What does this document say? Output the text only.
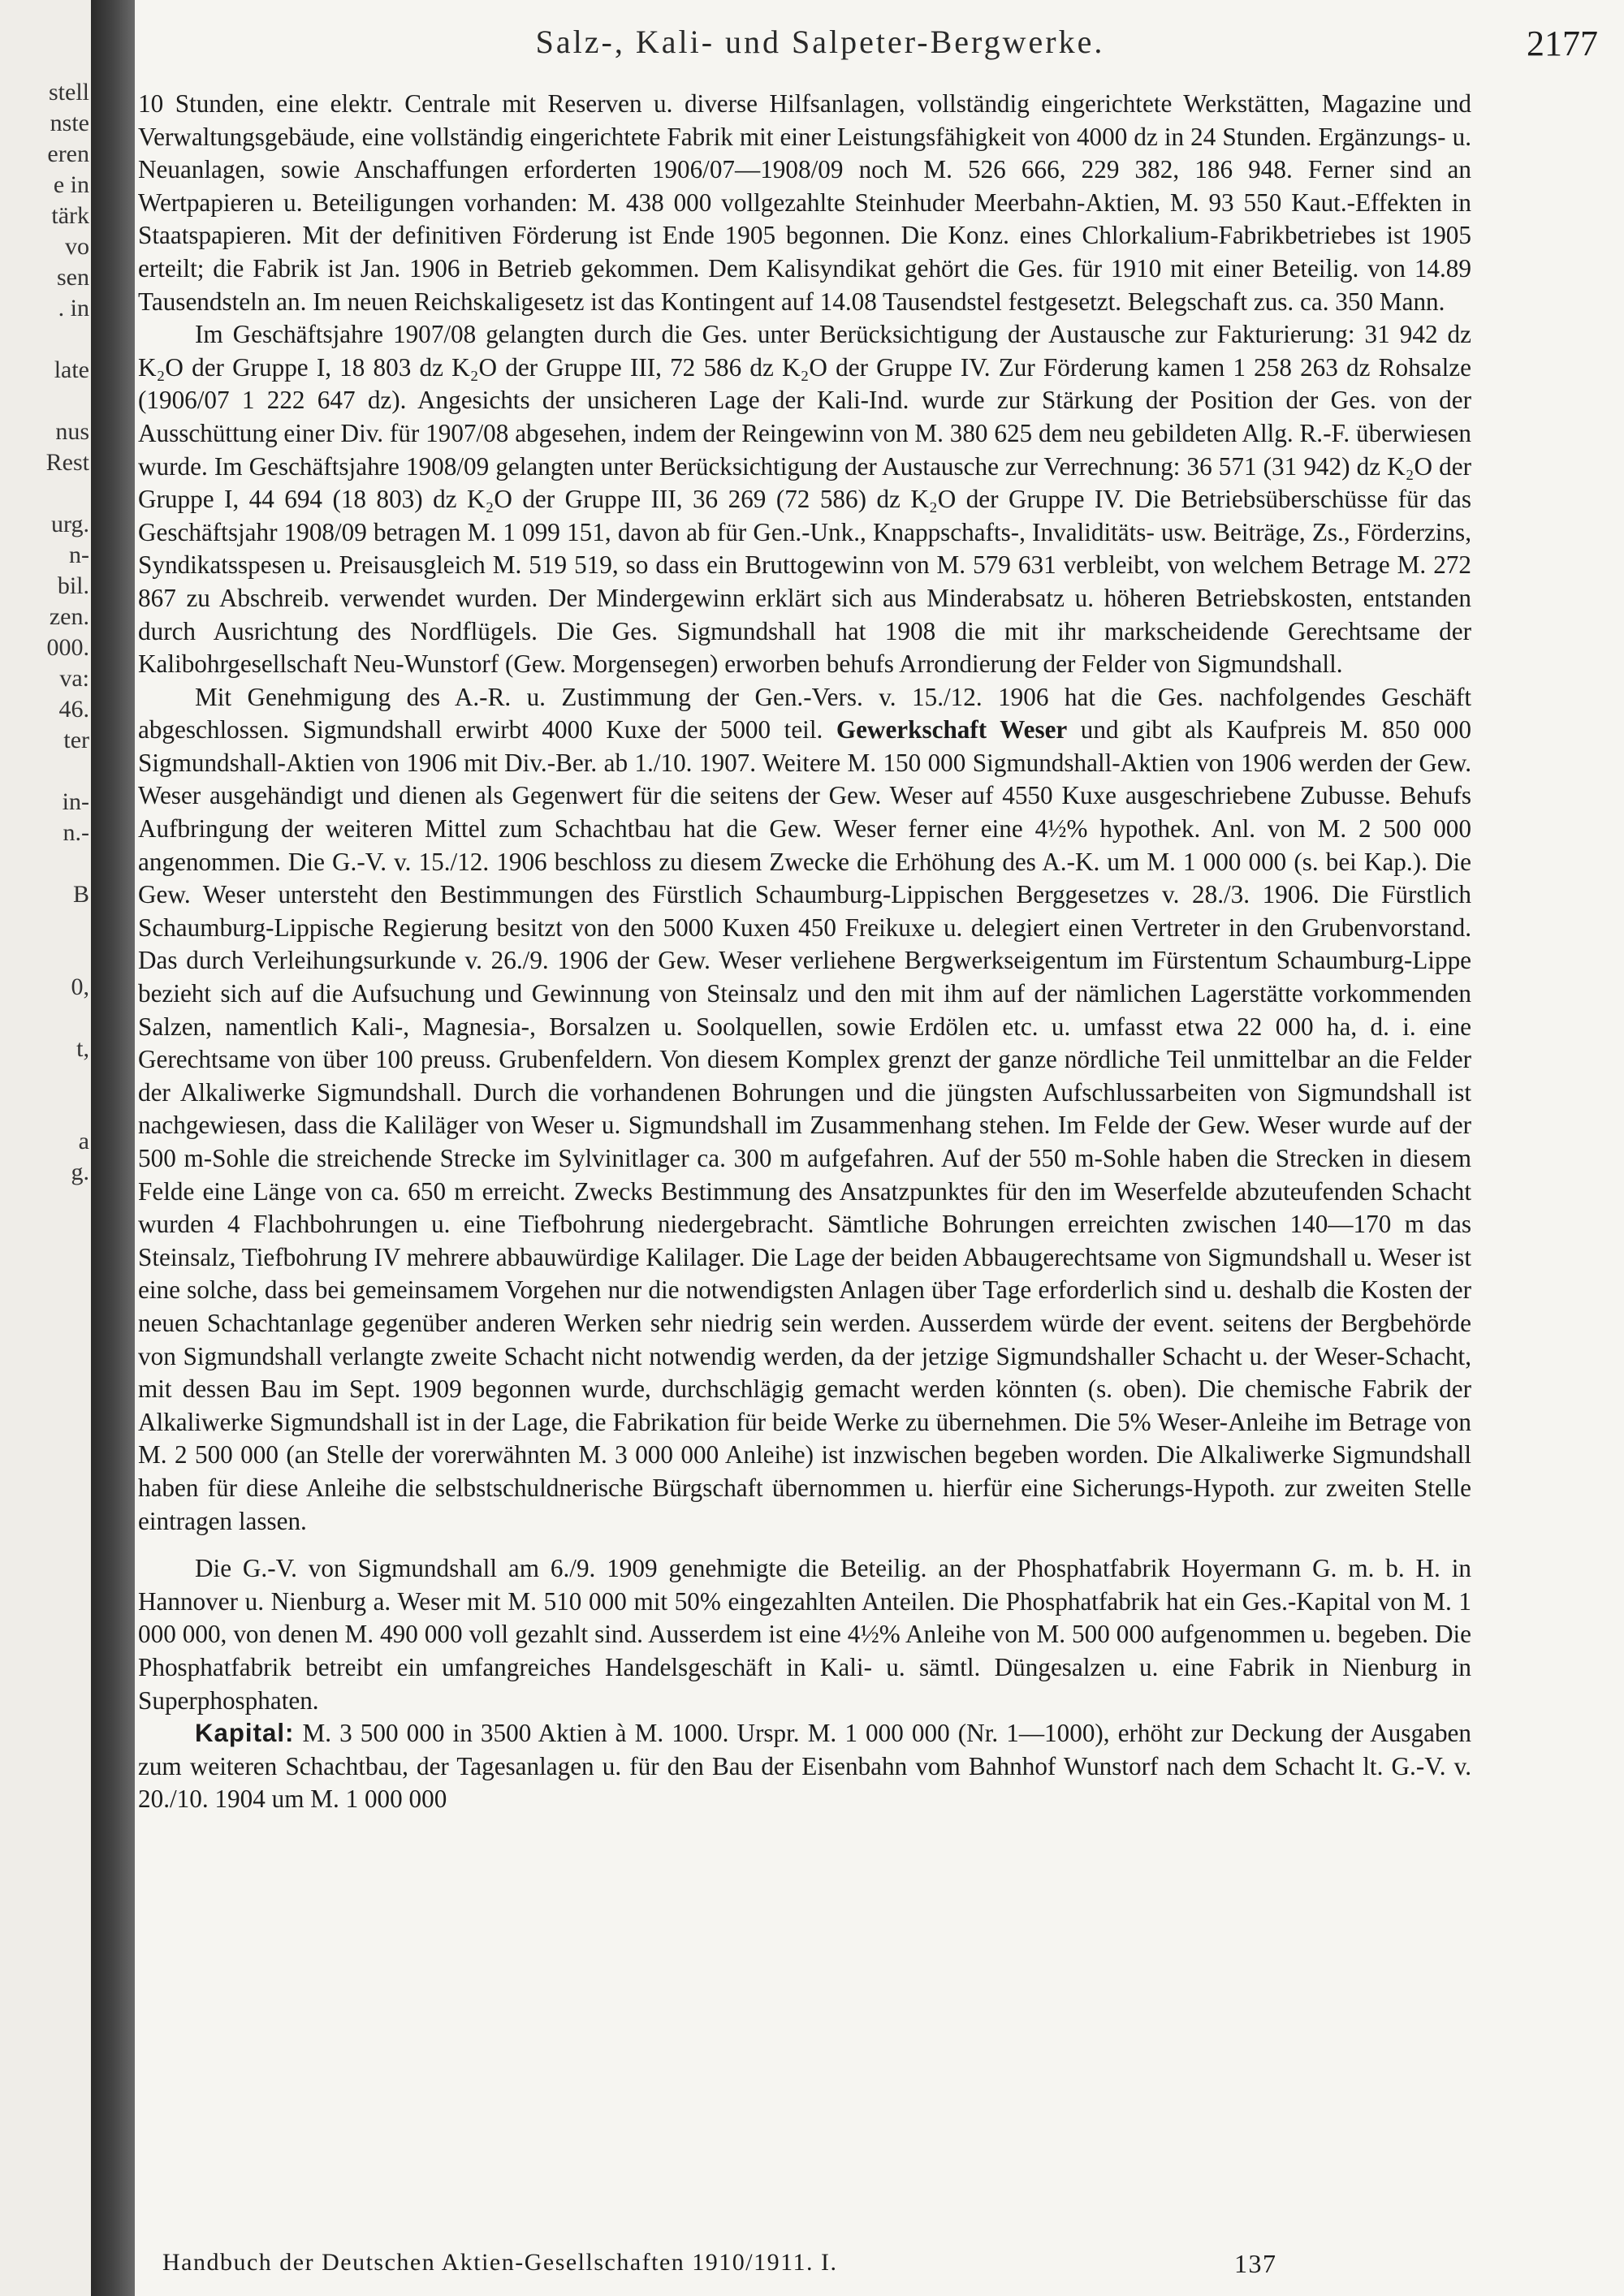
stell
nste
eren
e in
tärk
vo
sen
. in
late
nus
Rest
urg.
n-
bil.
zen.
000.
va:
46.
ter
in-
n.-
B
0,
t,
a
g.
Salz-, Kali- und Salpeter-Bergwerke.	2177

10 Stunden, eine elektr. Centrale mit Reserven u. diverse Hilfsanlagen, vollständig eingerichtete Werkstätten, Magazine und Verwaltungsgebäude, eine vollständig eingerichtete Fabrik mit einer Leistungsfähigkeit von 4000 dz in 24 Stunden. Ergänzungs- u. Neuanlagen, sowie Anschaffungen erforderten 1906/07—1908/09 noch M. 526 666, 229 382, 186 948. Ferner sind an Wertpapieren u. Beteiligungen vorhanden: M. 438 000 vollgezahlte Steinhuder Meerbahn-Aktien, M. 93 550 Kaut.-Effekten in Staatspapieren. Mit der definitiven Förderung ist Ende 1905 begonnen. Die Konz. eines Chlorkalium-Fabrikbetriebes ist 1905 erteilt; die Fabrik ist Jan. 1906 in Betrieb gekommen. Dem Kalisyndikat gehört die Ges. für 1910 mit einer Beteilig. von 14.89 Tausendsteln an. Im neuen Reichskaligesetz ist das Kontingent auf 14.08 Tausendstel festgesetzt. Belegschaft zus. ca. 350 Mann.

Im Geschäftsjahre 1907/08 gelangten durch die Ges. unter Berücksichtigung der Austausche zur Fakturierung: 31 942 dz K₂O der Gruppe I, 18 803 dz K₂O der Gruppe III, 72 586 dz K₂O der Gruppe IV. Zur Förderung kamen 1 258 263 dz Rohsalze (1906/07 1 222 647 dz). Angesichts der unsicheren Lage der Kali-Ind. wurde zur Stärkung der Position der Ges. von der Ausschüttung einer Div. für 1907/08 abgesehen, indem der Reingewinn von M. 380 625 dem neu gebildeten Allg. R.-F. überwiesen wurde. Im Geschäftsjahre 1908/09 gelangten unter Berücksichtigung der Austausche zur Verrechnung: 36 571 (31 942) dz K₂O der Gruppe I, 44 694 (18 803) dz K₂O der Gruppe III, 36 269 (72 586) dz K₂O der Gruppe IV. Die Betriebsüberschüsse für das Geschäftsjahr 1908/09 betragen M. 1 099 151, davon ab für Gen.-Unk., Knappschafts-, Invaliditäts- usw. Beiträge, Zs., Förderzins, Syndikatsspesen u. Preisausgleich M. 519 519, so dass ein Bruttogewinn von M. 579 631 verbleibt, von welchem Betrage M. 272 867 zu Abschreib. verwendet wurden. Der Mindergewinn erklärt sich aus Minderabsatz u. höheren Betriebskosten, entstanden durch Ausrichtung des Nordflügels. Die Ges. Sigmundshall hat 1908 die mit ihr markscheidende Gerechtsame der Kalibohrgesellschaft Neu-Wunstorf (Gew. Morgensegen) erworben behufs Arrondierung der Felder von Sigmundshall.

Mit Genehmigung des A.-R. u. Zustimmung der Gen.-Vers. v. 15./12. 1906 hat die Ges. nachfolgendes Geschäft abgeschlossen. Sigmundshall erwirbt 4000 Kuxe der 5000 teil. Gewerkschaft Weser und gibt als Kaufpreis M. 850 000 Sigmundshall-Aktien von 1906 mit Div.-Ber. ab 1./10. 1907. Weitere M. 150 000 Sigmundshall-Aktien von 1906 werden der Gew. Weser ausgehändigt und dienen als Gegenwert für die seitens der Gew. Weser auf 4550 Kuxe ausgeschriebene Zubusse. Behufs Aufbringung der weiteren Mittel zum Schachtbau hat die Gew. Weser ferner eine 4½% hypothek. Anl. von M. 2 500 000 angenommen. Die G.-V. v. 15./12. 1906 beschloss zu diesem Zwecke die Erhöhung des A.-K. um M. 1 000 000 (s. bei Kap.). Die Gew. Weser untersteht den Bestimmungen des Fürstlich Schaumburg-Lippischen Berggesetzes v. 28./3. 1906. Die Fürstlich Schaumburg-Lippische Regierung besitzt von den 5000 Kuxen 450 Freikuxe u. delegiert einen Vertreter in den Grubenvorstand. Das durch Verleihungsurkunde v. 26./9. 1906 der Gew. Weser verliehene Bergwerkseigentum im Fürstentum Schaumburg-Lippe bezieht sich auf die Aufsuchung und Gewinnung von Steinsalz und den mit ihm auf der nämlichen Lagerstätte vorkommenden Salzen, namentlich Kali-, Magnesia-, Borsalzen u. Soolquellen, sowie Erdölen etc. u. umfasst etwa 22 000 ha, d. i. eine Gerechtsame von über 100 preuss. Grubenfeldern. Von diesem Komplex grenzt der ganze nördliche Teil unmittelbar an die Felder der Alkaliwerke Sigmundshall. Durch die vorhandenen Bohrungen und die jüngsten Aufschlussarbeiten von Sigmundshall ist nachgewiesen, dass die Kaliläger von Weser u. Sigmundshall im Zusammenhang stehen. Im Felde der Gew. Weser wurde auf der 500 m-Sohle die streichende Strecke im Sylvinitlager ca. 300 m aufgefahren. Auf der 550 m-Sohle haben die Strecken in diesem Felde eine Länge von ca. 650 m erreicht. Zwecks Bestimmung des Ansatzpunktes für den im Weserfelde abzuteufenden Schacht wurden 4 Flachbohrungen u. eine Tiefbohrung niedergebracht. Sämtliche Bohrungen erreichten zwischen 140—170 m das Steinsalz, Tiefbohrung IV mehrere abbauwürdige Kalilager. Die Lage der beiden Abbaugerechtsame von Sigmundshall u. Weser ist eine solche, dass bei gemeinsamem Vorgehen nur die notwendigsten Anlagen über Tage erforderlich sind u. deshalb die Kosten der neuen Schachtanlage gegenüber anderen Werken sehr niedrig sein werden. Ausserdem würde der event. seitens der Bergbehörde von Sigmundshall verlangte zweite Schacht nicht notwendig werden, da der jetzige Sigmundshaller Schacht u. der Weser-Schacht, mit dessen Bau im Sept. 1909 begonnen wurde, durchschlägig gemacht werden könnten (s. oben). Die chemische Fabrik der Alkaliwerke Sigmundshall ist in der Lage, die Fabrikation für beide Werke zu übernehmen. Die 5% Weser-Anleihe im Betrage von M. 2 500 000 (an Stelle der vorerwähnten M. 3 000 000 Anleihe) ist inzwischen begeben worden. Die Alkaliwerke Sigmundshall haben für diese Anleihe die selbstschuldnerische Bürgschaft übernommen u. hierfür eine Sicherungs-Hypoth. zur zweiten Stelle eintragen lassen.

Die G.-V. von Sigmundshall am 6./9. 1909 genehmigte die Beteilig. an der Phosphatfabrik Hoyermann G. m. b. H. in Hannover u. Nienburg a. Weser mit M. 510 000 mit 50% eingezahlten Anteilen. Die Phosphatfabrik hat ein Ges.-Kapital von M. 1 000 000, von denen M. 490 000 voll gezahlt sind. Ausserdem ist eine 4½% Anleihe von M. 500 000 aufgenommen u. begeben. Die Phosphatfabrik betreibt ein umfangreiches Handelsgeschäft in Kali- u. sämtl. Düngesalzen u. eine Fabrik in Nienburg in Superphosphaten.

Kapital: M. 3 500 000 in 3500 Aktien à M. 1000. Urspr. M. 1 000 000 (Nr. 1—1000), erhöht zur Deckung der Ausgaben zum weiteren Schachtbau, der Tagesanlagen u. für den Bau der Eisenbahn vom Bahnhof Wunstorf nach dem Schacht lt. G.-V. v. 20./10. 1904 um M. 1 000 000

Handbuch der Deutschen Aktien-Gesellschaften 1910/1911. I.	137
